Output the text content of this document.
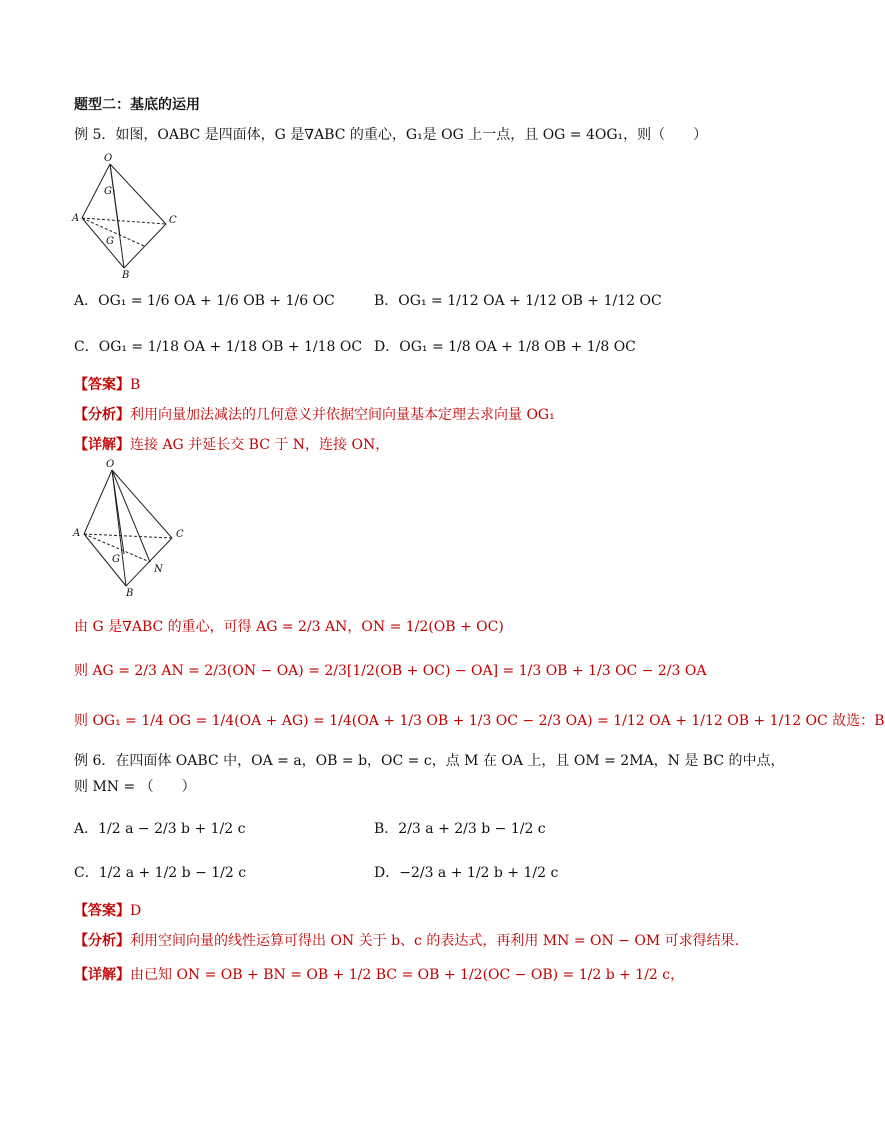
题型二：基底的运用
例 5．如图，OABC 是四面体，G 是∇ABC 的重心，G₁是 OG 上一点，且 OG = 4OG₁，则（　　）
O
A
B
C
G
G₁
A．OG₁ = 1/6 OA + 1/6 OB + 1/6 OC	B．OG₁ = 1/12 OA + 1/12 OB + 1/12 OC
C．OG₁ = 1/18 OA + 1/18 OB + 1/18 OC D．OG₁ = 1/8 OA + 1/8 OB + 1/8 OC
【答案】B
【分析】利用向量加法减法的几何意义并依据空间向量基本定理去求向量 OG₁
【详解】连接 AG 并延长交 BC 于 N，连接 ON，
O
A
B
C
G
N
由 G 是∇ABC 的重心，可得 AG = 2/3 AN，ON = 1/2(OB + OC)
则 AG = 2/3 AN = 2/3(ON − OA) = 2/3[1/2(OB + OC) − OA] = 1/3 OB + 1/3 OC − 2/3 OA
则 OG₁ = 1/4 OG = 1/4(OA + AG) = 1/4(OA + 1/3 OB + 1/3 OC − 2/3 OA) = 1/12 OA + 1/12 OB + 1/12 OC 故选：B
例 6．在四面体 OABC 中，OA = a，OB = b，OC = c，点 M 在 OA 上，且 OM = 2MA，N 是 BC 的中点，
则 MN = （　　）
A．1/2 a − 2/3 b + 1/2 c	B．2/3 a + 2/3 b − 1/2 c
C．1/2 a + 1/2 b − 1/2 c	D．−2/3 a + 1/2 b + 1/2 c
【答案】D
【分析】利用空间向量的线性运算可得出 ON 关于 b、c 的表达式，再利用 MN = ON − OM 可求得结果.
【详解】由已知 ON = OB + BN = OB + 1/2 BC = OB + 1/2(OC − OB) = 1/2 b + 1/2 c，
